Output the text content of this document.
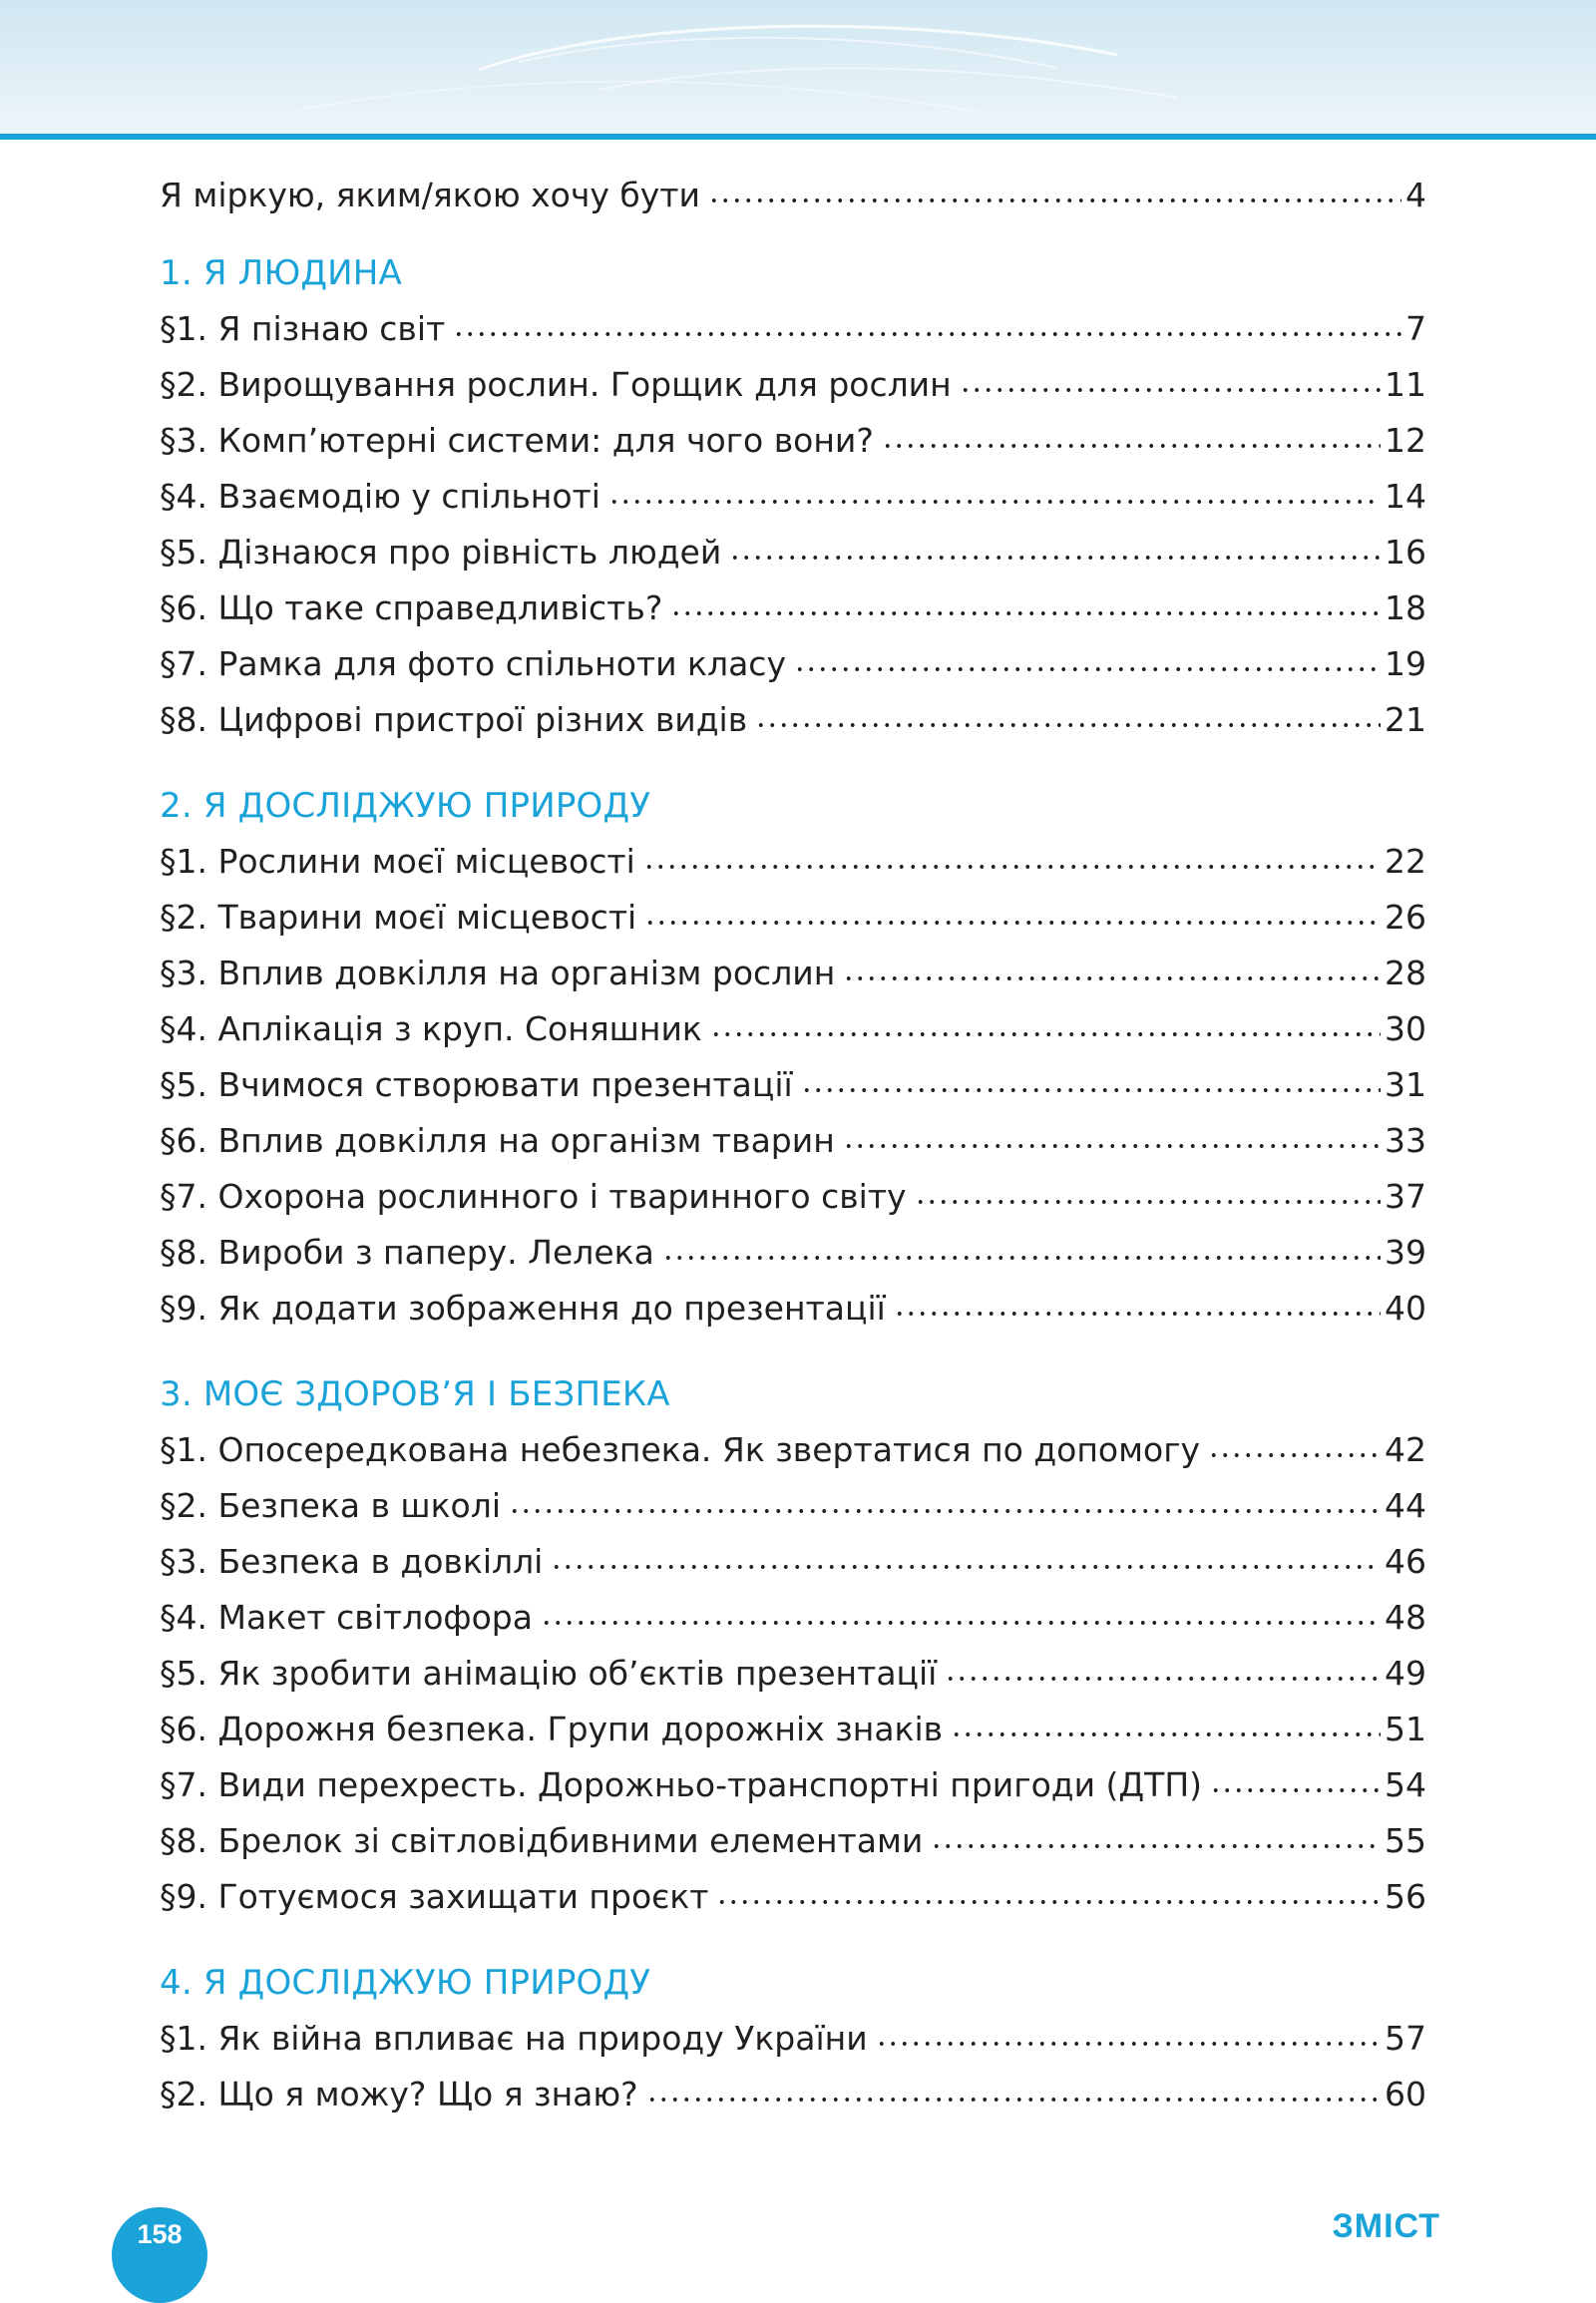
Я міркую, яким/якою хочу бути	4
1. Я ЛЮДИНА
§1. Я пізнаю світ	7
§2. Вирощування рослин. Горщик для рослин	11
§3. Комп’ютерні системи: для чого вони?	12
§4. Взаємодію у спільноті	14
§5. Дізнаюся про рівність людей	16
§6. Що таке справедливість?	18
§7. Рамка для фото спільноти класу	19
§8. Цифрові пристрої різних видів	21
2. Я ДОСЛІДЖУЮ ПРИРОДУ
§1. Рослини моєї місцевості	22
§2. Тварини моєї місцевості	26
§3. Вплив довкілля на організм рослин	28
§4. Аплікація з круп. Соняшник	30
§5. Вчимося створювати презентації	31
§6. Вплив довкілля на організм тварин	33
§7. Охорона рослинного і тваринного світу	37
§8. Вироби з паперу. Лелека	39
§9. Як додати зображення до презентації	40
3. МОЄ ЗДОРОВ’Я І БЕЗПЕКА
§1. Опосередкована небезпека. Як звертатися по допомогу	42
§2. Безпека в школі	44
§3. Безпека в довкіллі	46
§4. Макет світлофора	48
§5. Як зробити анімацію об’єктів презентації	49
§6. Дорожня безпека. Групи дорожніх знаків	51
§7. Види перехресть. Дорожньо-транспортні пригоди (ДТП)	54
§8. Брелок зі світловідбивними елементами	55
§9. Готуємося захищати проєкт	56
4. Я ДОСЛІДЖУЮ ПРИРОДУ
§1. Як війна впливає на природу України	57
§2. Що я можу? Що я знаю?	60
158	ЗМІСТ
